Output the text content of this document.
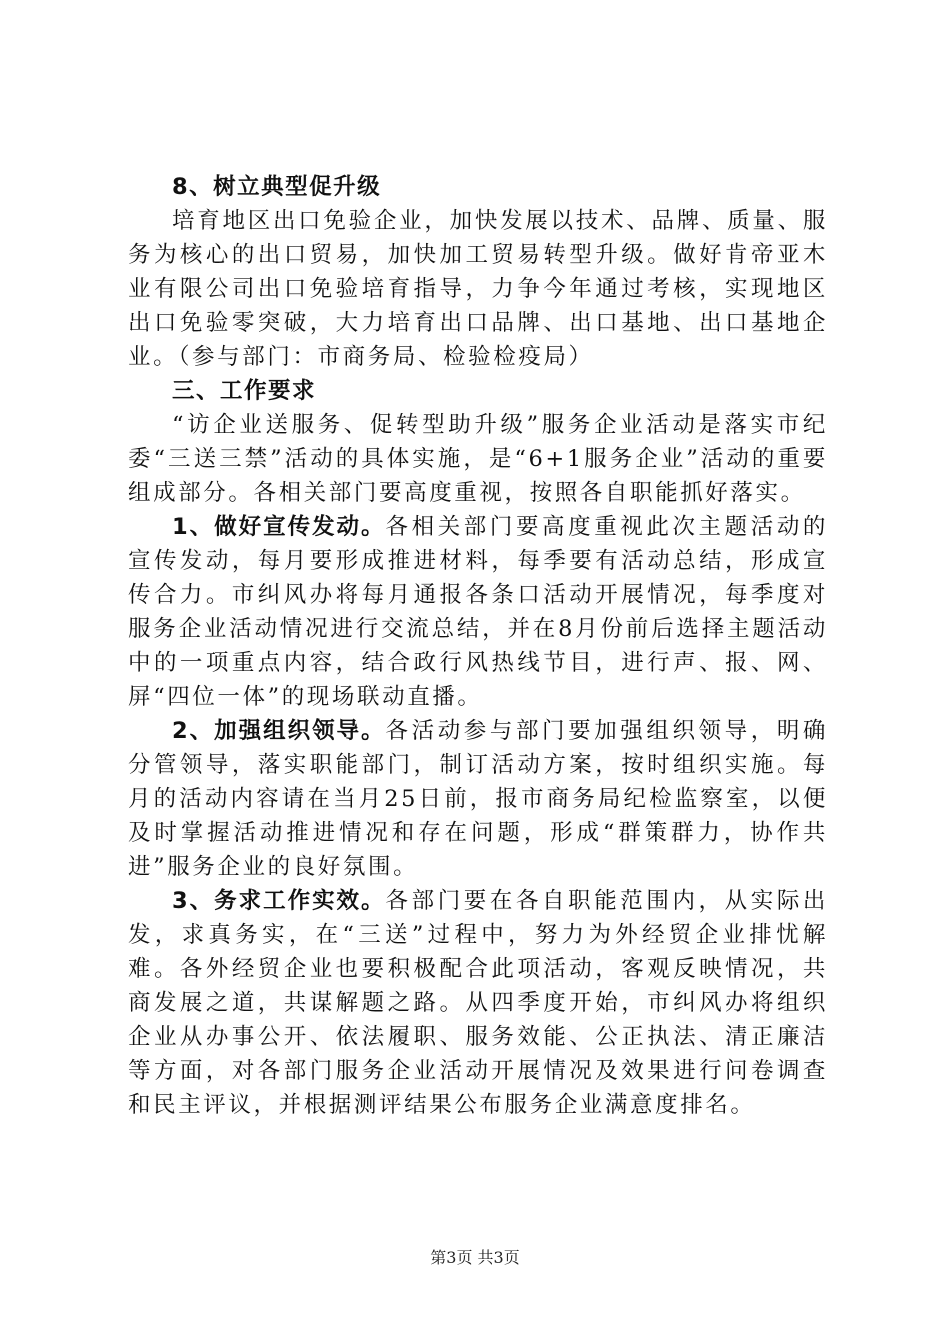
8、树立典型促升级

培育地区出口免验企业，加快发展以技术、品牌、质量、服务为核心的出口贸易，加快加工贸易转型升级。做好肯帝亚木业有限公司出口免验培育指导，力争今年通过考核，实现地区出口免验零突破，大力培育出口品牌、出口基地、出口基地企业。（参与部门：市商务局、检验检疫局）

三、工作要求

“访企业送服务、促转型助升级”服务企业活动是落实市纪委“三送三禁”活动的具体实施，是“6+1服务企业”活动的重要组成部分。各相关部门要高度重视，按照各自职能抓好落实。

1、做好宣传发动。各相关部门要高度重视此次主题活动的宣传发动，每月要形成推进材料，每季要有活动总结，形成宣传合力。市纠风办将每月通报各条口活动开展情况，每季度对服务企业活动情况进行交流总结，并在8月份前后选择主题活动中的一项重点内容，结合政行风热线节目，进行声、报、网、屏“四位一体”的现场联动直播。

2、加强组织领导。各活动参与部门要加强组织领导，明确分管领导，落实职能部门，制订活动方案，按时组织实施。每月的活动内容请在当月25日前，报市商务局纪检监察室，以便及时掌握活动推进情况和存在问题，形成“群策群力，协作共进”服务企业的良好氛围。

3、务求工作实效。各部门要在各自职能范围内，从实际出发，求真务实，在“三送”过程中，努力为外经贸企业排忧解难。各外经贸企业也要积极配合此项活动，客观反映情况，共商发展之道，共谋解题之路。从四季度开始，市纠风办将组织企业从办事公开、依法履职、服务效能、公正执法、清正廉洁等方面，对各部门服务企业活动开展情况及效果进行问卷调查和民主评议，并根据测评结果公布服务企业满意度排名。

第3页 共3页
